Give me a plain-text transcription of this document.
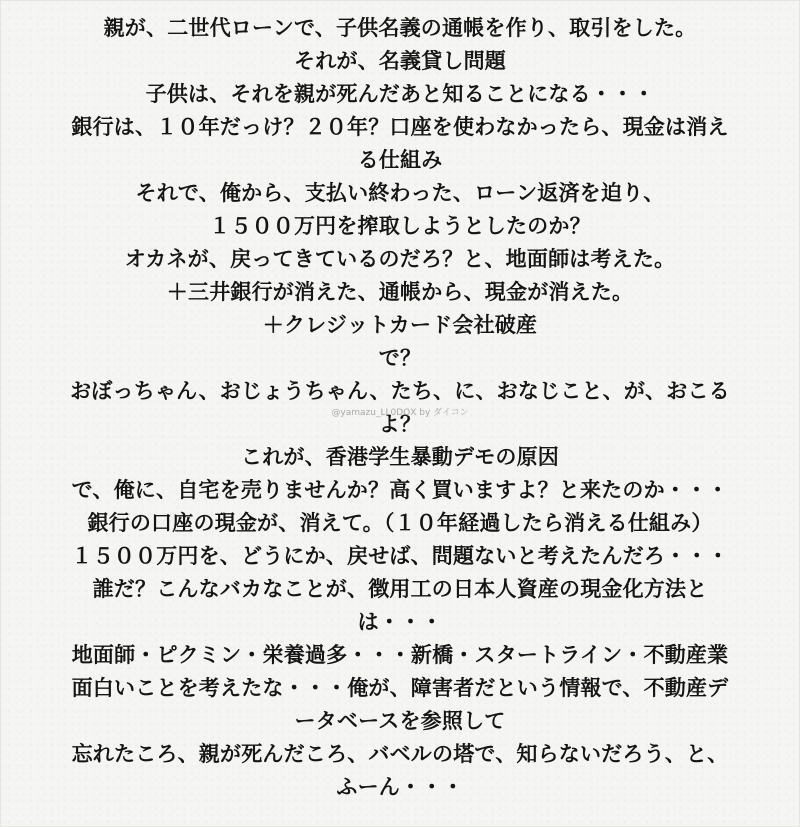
親が、二世代ローンで、子供名義の通帳を作り、取引をした。
それが、名義貸し問題
子供は、それを親が死んだあと知ることになる・・・
銀行は、１０年だっけ？２０年？口座を使わなかったら、現金は消え
る仕組み
それで、俺から、支払い終わった、ローン返済を迫り、
１５００万円を搾取しようとしたのか？
オカネが、戻ってきているのだろ？と、地面師は考えた。
＋三井銀行が消えた、通帳から、現金が消えた。
＋クレジットカード会社破産
で？
おぼっちゃん、おじょうちゃん、たち、に、おなじこと、が、おこる
よ？
これが、香港学生暴動デモの原因
で、俺に、自宅を売りませんか？高く買いますよ？と来たのか・・・
銀行の口座の現金が、消えて。（１０年経過したら消える仕組み）
１５００万円を、どうにか、戻せば、問題ないと考えたんだろ・・・
誰だ？こんなバカなことが、徴用工の日本人資産の現金化方法と
は・・・
地面師・ピクミン・栄養過多・・・新橋・スタートライン・不動産業
面白いことを考えたな・・・俺が、障害者だという情報で、不動産デ
ータベースを参照して
忘れたころ、親が死んだころ、バベルの塔で、知らないだろう、と、
ふーん・・・
@yamazu_LL0DQX by ダイコン
